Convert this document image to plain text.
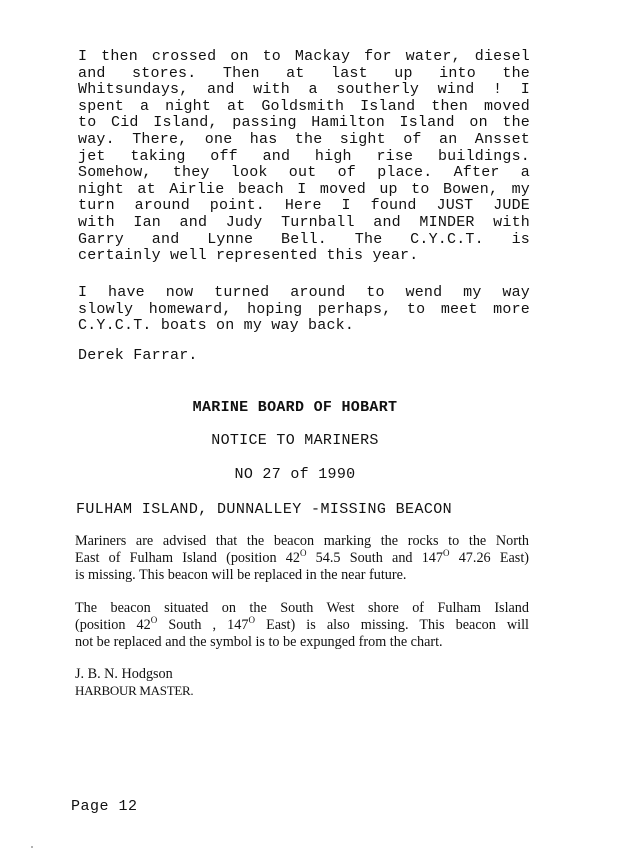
I then crossed on to Mackay for water, diesel
and stores. Then at last up into the
Whitsundays, and with a southerly wind ! I
spent a night at Goldsmith Island then moved
to Cid Island, passing Hamilton Island on the
way. There, one has the sight of an Ansset
jet taking off and high rise buildings.
Somehow, they look out of place. After a
night at Airlie beach I moved up to Bowen, my
turn around point. Here I found JUST JUDE
with Ian and Judy Turnball and MINDER with
Garry and Lynne Bell. The C.Y.C.T. is
certainly well represented this year.
I have now turned around to wend my way
slowly homeward, hoping perhaps, to meet more
C.Y.C.T. boats on my way back.

Derek Farrar.

MARINE BOARD OF HOBART

NOTICE TO MARINERS

NO 27 of 1990

FULHAM ISLAND, DUNNALLEY -MISSING BEACON

Mariners are advised that the beacon marking the rocks to the North
East of Fulham Island (position $42^O$ 54.5 South and $147^O$ 47.26 East)
is missing. This beacon will be replaced in the near future.
The beacon situated on the South West shore of Fulham Island
(position $42^O$ South , $147^O$ East) is also missing. This beacon will
not be replaced and the symbol is to be expunged from the chart.

J. B. N. Hodgson

HARBOUR MASTER.

Page 12
